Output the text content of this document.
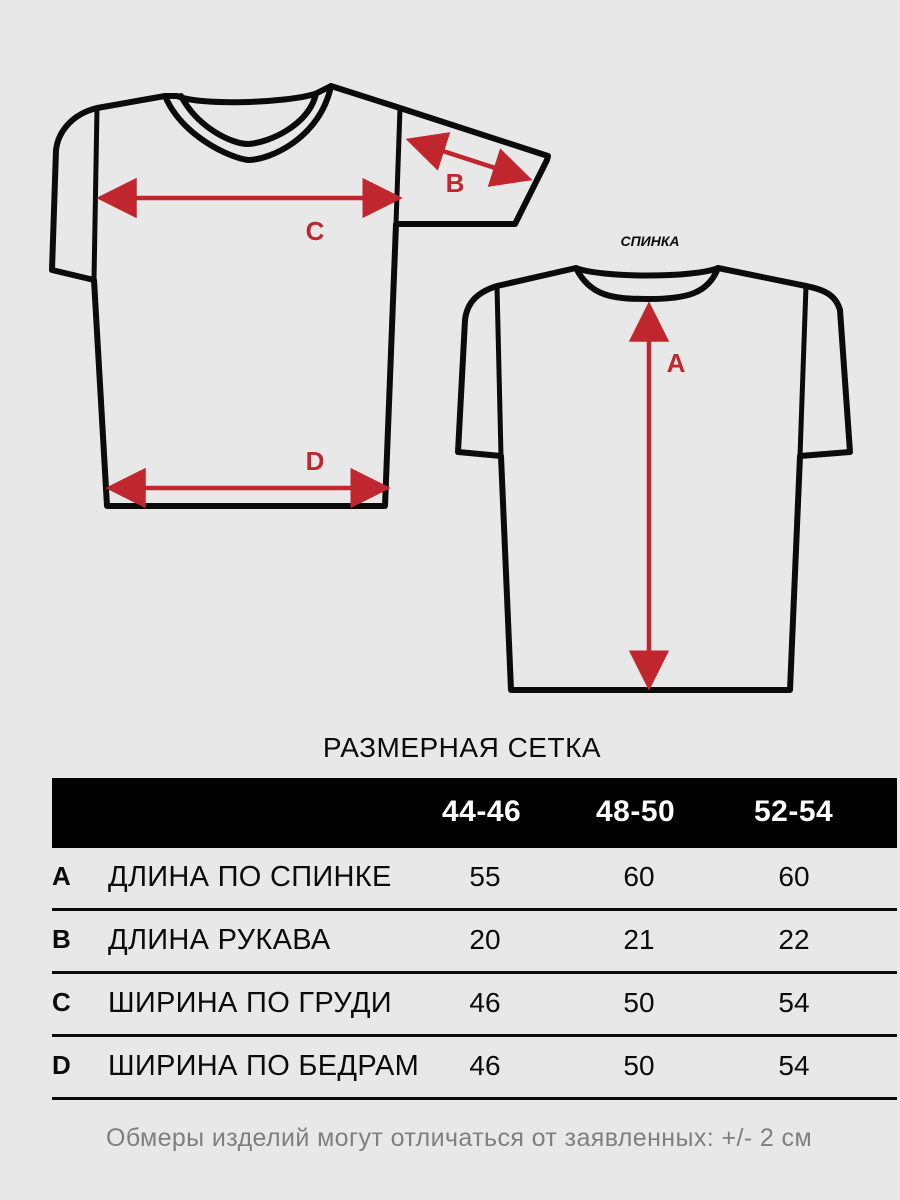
B
C
D
СПИНКА
A
РАЗМЕРНАЯ СЕТКА
44-46 48-50	52-54
A ДЛИНА ПО СПИНКЕ	55	60	60
B ДЛИНА РУКАВА	20	21	22
C ШИРИНА ПО ГРУДИ	46	50	54
D ШИРИНА ПО БЕДРАМ	46	50	54
Обмеры изделий могут отличаться от заявленных: +/- 2 см
